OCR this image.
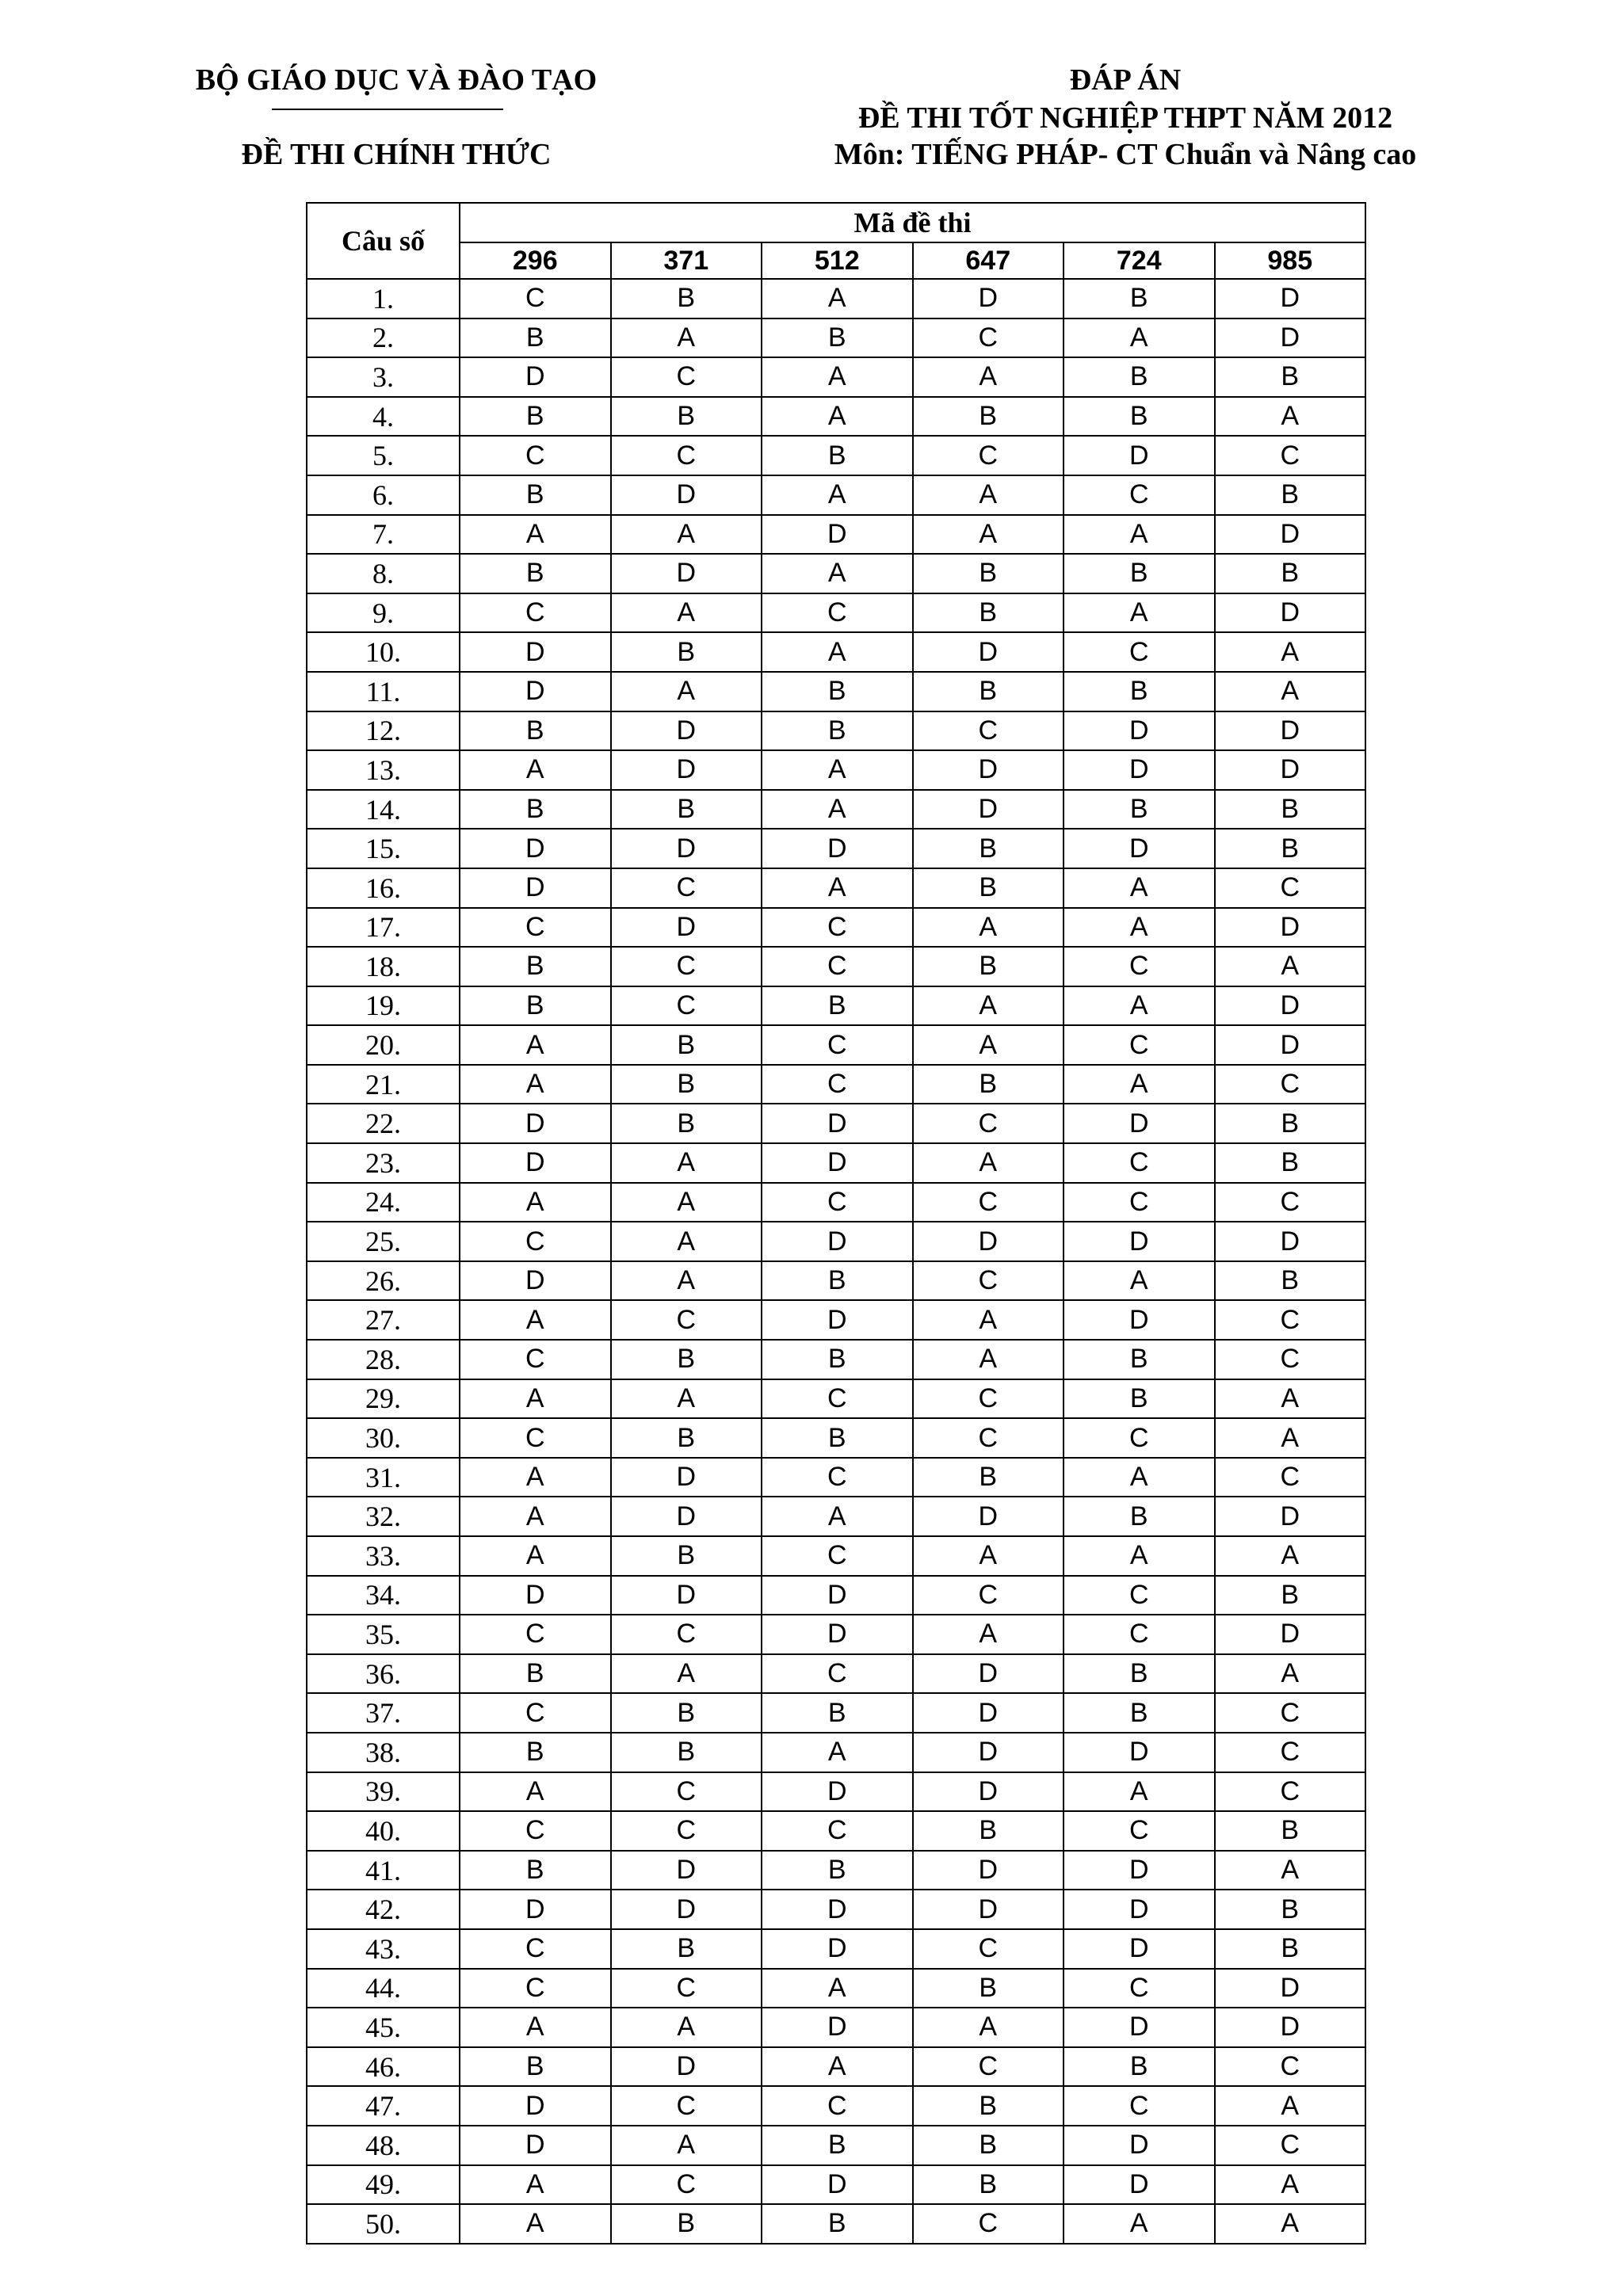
BỘ GIÁO DỤC VÀ ĐÀO TẠO
ĐỀ THI CHÍNH THỨC
ĐÁP ÁN
ĐỀ THI TỐT NGHIỆP THPT NĂM 2012
Môn: TIẾNG PHÁP- CT Chuẩn và Nâng cao
Câu số	Mã đề thi					
	296	371	512	647	724	985
1.	C	B	A	D	B	D
2.	B	A	B	C	A	D
3.	D	C	A	A	B	B
4.	B	B	A	B	B	A
5.	C	C	B	C	D	C
6.	B	D	A	A	C	B
7.	A	A	D	A	A	D
8.	B	D	A	B	B	B
9.	C	A	C	B	A	D
10.	D	B	A	D	C	A
11.	D	A	B	B	B	A
12.	B	D	B	C	D	D
13.	A	D	A	D	D	D
14.	B	B	A	D	B	B
15.	D	D	D	B	D	B
16.	D	C	A	B	A	C
17.	C	D	C	A	A	D
18.	B	C	C	B	C	A
19.	B	C	B	A	A	D
20.	A	B	C	A	C	D
21.	A	B	C	B	A	C
22.	D	B	D	C	D	B
23.	D	A	D	A	C	B
24.	A	A	C	C	C	C
25.	C	A	D	D	D	D
26.	D	A	B	C	A	B
27.	A	C	D	A	D	C
28.	C	B	B	A	B	C
29.	A	A	C	C	B	A
30.	C	B	B	C	C	A
31.	A	D	C	B	A	C
32.	A	D	A	D	B	D
33.	A	B	C	A	A	A
34.	D	D	D	C	C	B
35.	C	C	D	A	C	D
36.	B	A	C	D	B	A
37.	C	B	B	D	B	C
38.	B	B	A	D	D	C
39.	A	C	D	D	A	C
40.	C	C	C	B	C	B
41.	B	D	B	D	D	A
42.	D	D	D	D	D	B
43.	C	B	D	C	D	B
44.	C	C	A	B	C	D
45.	A	A	D	A	D	D
46.	B	D	A	C	B	C
47.	D	C	C	B	C	A
48.	D	A	B	B	D	C
49.	A	C	D	B	D	A
50.	A	B	B	C	A	A
